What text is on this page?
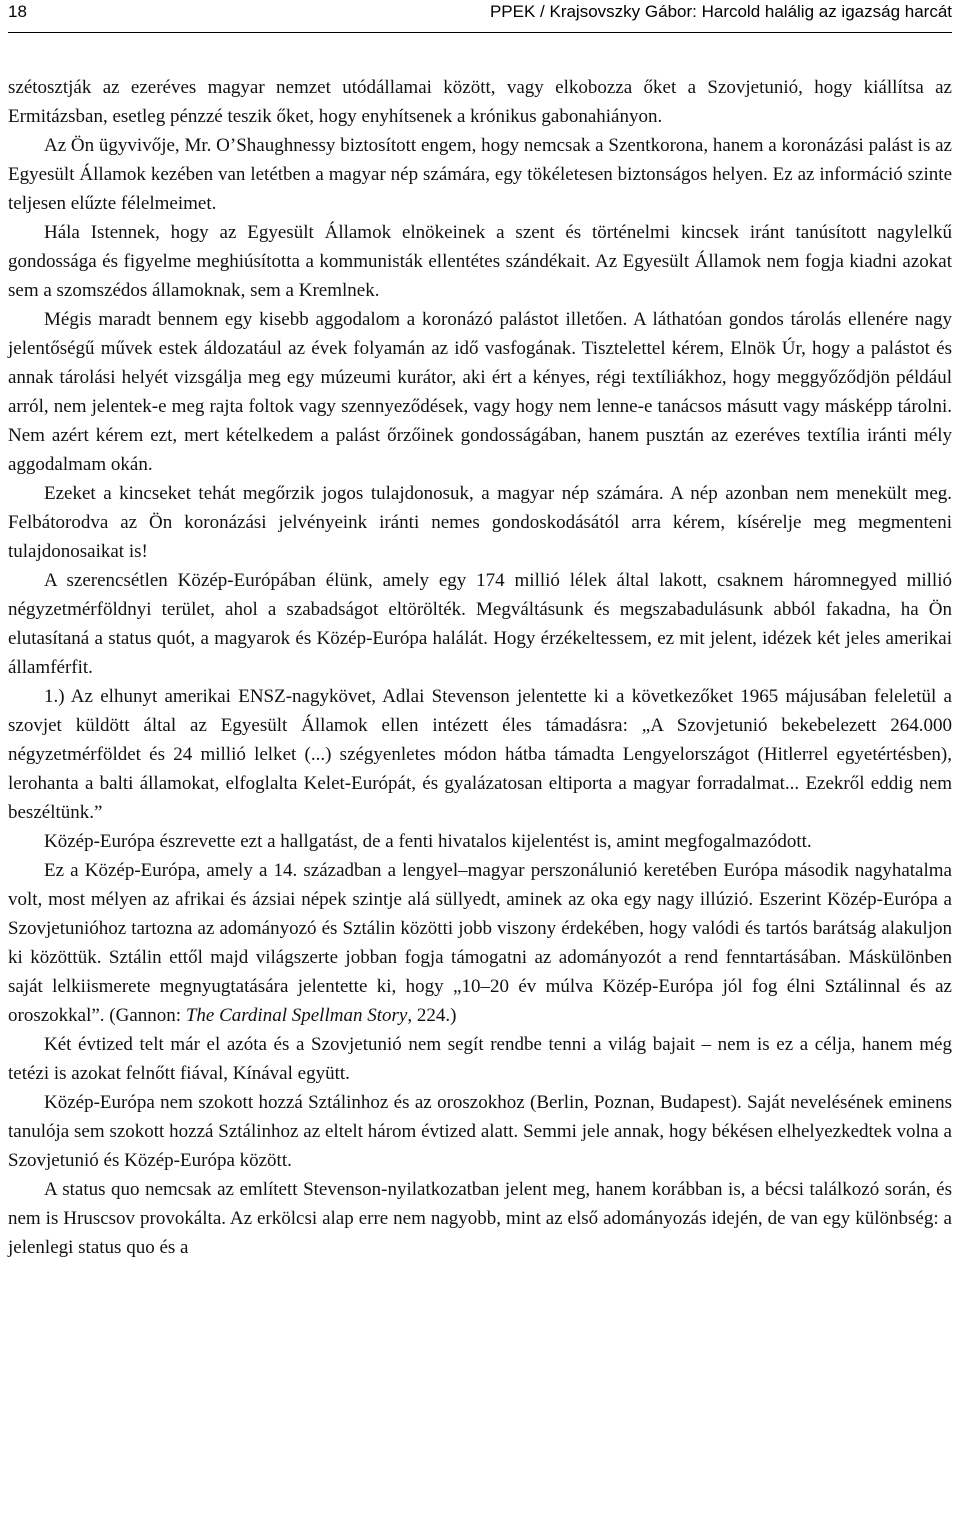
18	PPEK / Krajsovszky Gábor: Harcold halálig az igazság harcát

szétosztják az ezeréves magyar nemzet utódállamai között, vagy elkobozza őket a Szovjetunió, hogy kiállítsa az Ermitázsban, esetleg pénzzé teszik őket, hogy enyhítsenek a krónikus gabonahiányon.

Az Ön ügyvivője, Mr. O’Shaughnessy biztosított engem, hogy nemcsak a Szentkorona, hanem a koronázási palást is az Egyesült Államok kezében van letétben a magyar nép számára, egy tökéletesen biztonságos helyen. Ez az információ szinte teljesen elűzte félelmeimet.

Hála Istennek, hogy az Egyesült Államok elnökeinek a szent és történelmi kincsek iránt tanúsított nagylelkű gondossága és figyelme meghiúsította a kommunisták ellentétes szándékait. Az Egyesült Államok nem fogja kiadni azokat sem a szomszédos államoknak, sem a Kremlnek.

Mégis maradt bennem egy kisebb aggodalom a koronázó palástot illetően. A láthatóan gondos tárolás ellenére nagy jelentőségű művek estek áldozatául az évek folyamán az idő vasfogának. Tisztelettel kérem, Elnök Úr, hogy a palástot és annak tárolási helyét vizsgálja meg egy múzeumi kurátor, aki ért a kényes, régi textíliákhoz, hogy meggyőződjön például arról, nem jelentek-e meg rajta foltok vagy szennyeződések, vagy hogy nem lenne-e tanácsos másutt vagy másképp tárolni. Nem azért kérem ezt, mert kételkedem a palást őrzőinek gondosságában, hanem pusztán az ezeréves textília iránti mély aggodalmam okán.

Ezeket a kincseket tehát megőrzik jogos tulajdonosuk, a magyar nép számára. A nép azonban nem menekült meg. Felbátorodva az Ön koronázási jelvényeink iránti nemes gondoskodásától arra kérem, kísérelje meg megmenteni tulajdonosaikat is!

A szerencsétlen Közép-Európában élünk, amely egy 174 millió lélek által lakott, csaknem háromnegyed millió négyzetmérföldnyi terület, ahol a szabadságot eltörölték. Megváltásunk és megszabadulásunk abból fakadna, ha Ön elutasítaná a status quót, a magyarok és Közép-Európa halálát. Hogy érzékeltessem, ez mit jelent, idézek két jeles amerikai államférfit.

1.) Az elhunyt amerikai ENSZ-nagykövet, Adlai Stevenson jelentette ki a következőket 1965 májusában feleletül a szovjet küldött által az Egyesült Államok ellen intézett éles támadásra: „A Szovjetunió bekebelezett 264.000 négyzetmérföldet és 24 millió lelket (...) szégyenletes módon hátba támadta Lengyelországot (Hitlerrel egyetértésben), lerohanta a balti államokat, elfoglalta Kelet-Európát, és gyalázatosan eltiporta a magyar forradalmat... Ezekről eddig nem beszéltünk.”

Közép-Európa észrevette ezt a hallgatást, de a fenti hivatalos kijelentést is, amint megfogalmazódott.

Ez a Közép-Európa, amely a 14. században a lengyel–magyar perszonálunió keretében Európa második nagyhatalma volt, most mélyen az afrikai és ázsiai népek szintje alá süllyedt, aminek az oka egy nagy illúzió. Eszerint Közép-Európa a Szovjetunióhoz tartozna az adományozó és Sztálin közötti jobb viszony érdekében, hogy valódi és tartós barátság alakuljon ki közöttük. Sztálin ettől majd világszerte jobban fogja támogatni az adományozót a rend fenntartásában. Máskülönben saját lelkiismerete megnyugtatására jelentette ki, hogy „10–20 év múlva Közép-Európa jól fog élni Sztálinnal és az oroszokkal”. (Gannon: The Cardinal Spellman Story, 224.)

Két évtized telt már el azóta és a Szovjetunió nem segít rendbe tenni a világ bajait – nem is ez a célja, hanem még tetézi is azokat felnőtt fiával, Kínával együtt.

Közép-Európa nem szokott hozzá Sztálinhoz és az oroszokhoz (Berlin, Poznan, Budapest). Saját nevelésének eminens tanulója sem szokott hozzá Sztálinhoz az eltelt három évtized alatt. Semmi jele annak, hogy békésen elhelyezkedtek volna a Szovjetunió és Közép-Európa között.

A status quo nemcsak az említett Stevenson-nyilatkozatban jelent meg, hanem korábban is, a bécsi találkozó során, és nem is Hruscsov provokálta. Az erkölcsi alap erre nem nagyobb, mint az első adományozás idején, de van egy különbség: a jelenlegi status quo és a
